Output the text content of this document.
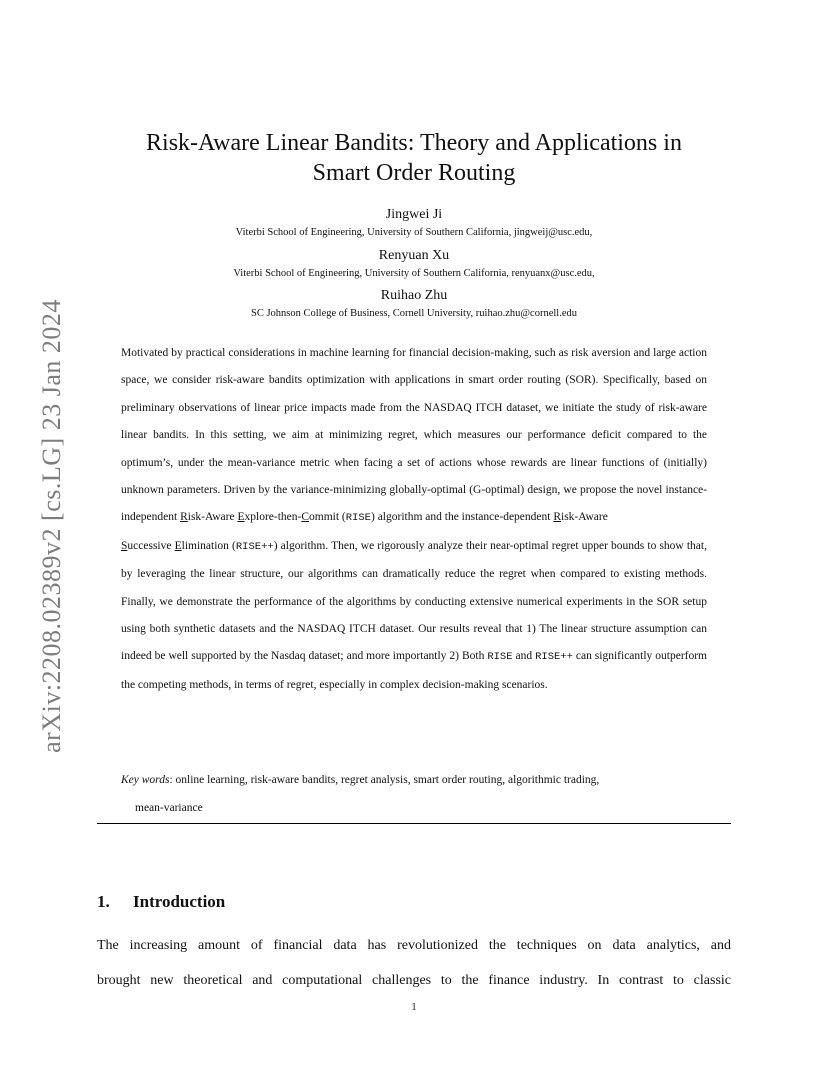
arXiv:2208.02389v2 [cs.LG] 23 Jan 2024
Risk-Aware Linear Bandits: Theory and Applications in
Smart Order Routing
Jingwei Ji
Viterbi School of Engineering, University of Southern California, jingweij@usc.edu,
Renyuan Xu
Viterbi School of Engineering, University of Southern California, renyuanx@usc.edu,
Ruihao Zhu
SC Johnson College of Business, Cornell University, ruihao.zhu@cornell.edu
Motivated by practical considerations in machine learning for financial decision-making, such as risk aversion and large action space, we consider risk-aware bandits optimization with applications in smart order routing (SOR). Specifically, based on preliminary observations of linear price impacts made from the NASDAQ ITCH dataset, we initiate the study of risk-aware linear bandits. In this setting, we aim at minimizing regret, which measures our performance deficit compared to the optimum’s, under the mean-variance metric when facing a set of actions whose rewards are linear functions of (initially) unknown parameters. Driven by the variance-minimizing globally-optimal (G-optimal) design, we propose the novel instance-independent Risk-Aware Explore-then-Commit (RISE) algorithm and the instance-dependent Risk-Aware
Successive Elimination (RISE++) algorithm. Then, we rigorously analyze their near-optimal regret upper bounds to show that, by leveraging the linear structure, our algorithms can dramatically reduce the regret when compared to existing methods. Finally, we demonstrate the performance of the algorithms by conducting extensive numerical experiments in the SOR setup using both synthetic datasets and the NASDAQ ITCH dataset. Our results reveal that 1) The linear structure assumption can indeed be well supported by the Nasdaq dataset; and more importantly 2) Both RISE and RISE++ can significantly outperform the competing methods, in terms of regret, especially in complex decision-making scenarios.
Key words: online learning, risk-aware bandits, regret analysis, smart order routing, algorithmic trading,
mean-variance
1. Introduction
The increasing amount of financial data has revolutionized the techniques on data analytics, and
brought new theoretical and computational challenges to the finance industry. In contrast to classic
1
